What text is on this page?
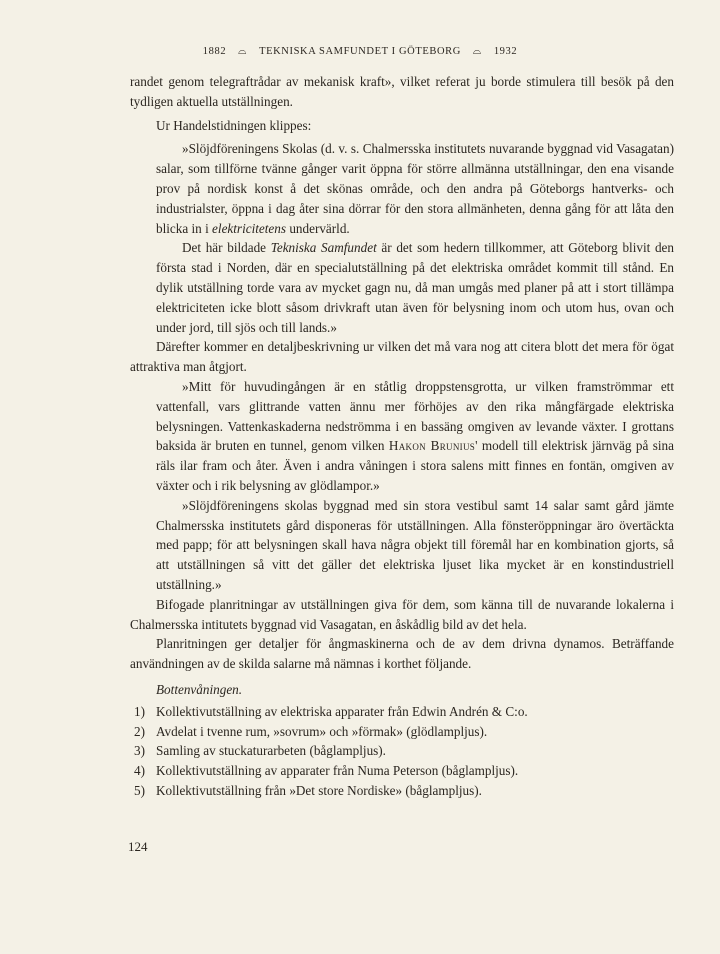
1882 ⌓ TEKNISKA SAMFUNDET I GÖTEBORG ⌓ 1932

randet genom telegraftrådar av mekanisk kraft», vilket referat ju borde stimulera till besök på den tydligen aktuella utställningen.

Ur Handelstidningen klippes:

»Slöjdföreningens Skolas (d. v. s. Chalmersska institutets nuvarande byggnad vid Vasagatan) salar, som tillförne tvänne gånger varit öppna för större allmänna utställningar, den ena visande prov på nordisk konst å det skönas område, och den andra på Göteborgs hantverks- och industrialster, öppna i dag åter sina dörrar för den stora allmänheten, denna gång för att låta den blicka in i elektricitetens undervärld.

Det här bildade Tekniska Samfundet är det som hedern tillkommer, att Göteborg blivit den första stad i Norden, där en specialutställning på det elektriska området kommit till stånd. En dylik utställning torde vara av mycket gagn nu, då man umgås med planer på att i stort tillämpa elektriciteten icke blott såsom drivkraft utan även för belysning inom och utom hus, ovan och under jord, till sjös och till lands.»

Därefter kommer en detaljbeskrivning ur vilken det må vara nog att citera blott det mera för ögat attraktiva man åtgjort.

»Mitt för huvudingången är en ståtlig droppstensgrotta, ur vilken framströmmar ett vattenfall, vars glittrande vatten ännu mer förhöjes av den rika mångfärgade elektriska belysningen. Vattenkaskaderna nedströmma i en bassäng omgiven av levande växter. I grottans baksida är bruten en tunnel, genom vilken Hakon Brunius' modell till elektrisk järnväg på sina räls ilar fram och åter. Även i andra våningen i stora salens mitt finnes en fontän, omgiven av växter och i rik belysning av glödlampor.»

»Slöjdföreningens skolas byggnad med sin stora vestibul samt 14 salar samt gård jämte Chalmersska institutets gård disponeras för utställningen. Alla fönsteröppningar äro övertäckta med papp; för att belysningen skall hava några objekt till föremål har en kombination gjorts, så att utställningen så vitt det gäller det elektriska ljuset lika mycket är en konstindustriell utställning.»

Bifogade planritningar av utställningen giva för dem, som känna till de nuvarande lokalerna i Chalmersska intitutets byggnad vid Vasagatan, en åskådlig bild av det hela.

Planritningen ger detaljer för ångmaskinerna och de av dem drivna dynamos. Beträffande användningen av de skilda salarne må nämnas i korthet följande.

Bottenvåningen.

1) Kollektivutställning av elektriska apparater från Edwin Andrén & C:o.
2) Avdelat i tvenne rum, »sovrum» och »förmak» (glödlampljus).
3) Samling av stuckaturarbeten (båglampljus).
4) Kollektivutställning av apparater från Numa Peterson (båglampljus).
5) Kollektivutställning från »Det store Nordiske» (båglampljus).
124
